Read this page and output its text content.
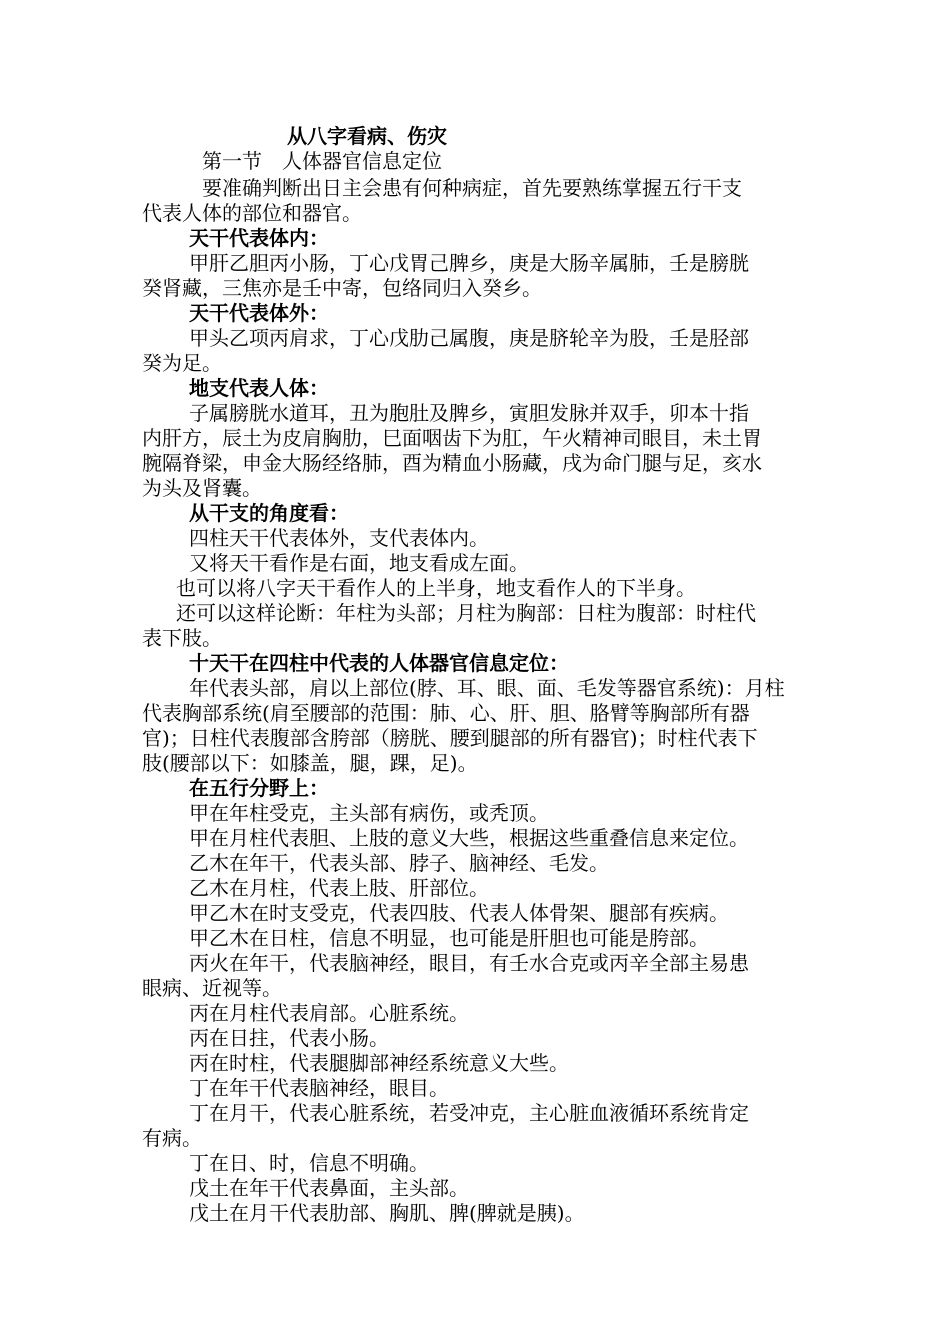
从八字看病、伤灾
第一节　人体器官信息定位
要准确判断出日主会患有何种病症，首先要熟练掌握五行干支
代表人体的部位和器官。
天干代表体内：
甲肝乙胆丙小肠，丁心戊胃己脾乡，庚是大肠辛属肺，壬是膀胱
癸肾藏，三焦亦是壬中寄，包络同归入癸乡。
天干代表体外：
甲头乙项丙肩求，丁心戊肋己属腹，庚是脐轮辛为股，壬是胫部
癸为足。
地支代表人体：
子属膀胱水道耳，丑为胞肚及脾乡，寅胆发脉并双手，卯本十指
内肝方，辰土为皮肩胸肋，巳面咽齿下为肛，午火精神司眼目，未土胃
腕隔脊梁，申金大肠经络肺，酉为精血小肠藏，戌为命门腿与足，亥水
为头及肾囊。
从干支的角度看：
四柱天干代表体外，支代表体内。
又将天干看作是右面，地支看成左面。
也可以将八字天干看作人的上半身，地支看作人的下半身。
还可以这样论断：年柱为头部；月柱为胸部：日柱为腹部：时柱代
表下肢。
十天干在四柱中代表的人体器官信息定位：
年代表头部，肩以上部位(脖、耳、眼、面、毛发等器官系统)：月柱
代表胸部系统(肩至腰部的范围：肺、心、肝、胆、胳臂等胸部所有器
官)；日柱代表腹部含胯部（膀胱、腰到腿部的所有器官)；时柱代表下
肢(腰部以下：如膝盖，腿，踝，足)。
在五行分野上：
甲在年柱受克，主头部有病伤，或秃顶。
甲在月柱代表胆、上肢的意义大些，根据这些重叠信息来定位。
乙木在年干，代表头部、脖子、脑神经、毛发。
乙木在月柱，代表上肢、肝部位。
甲乙木在时支受克，代表四肢、代表人体骨架、腿部有疾病。
甲乙木在日柱，信息不明显，也可能是肝胆也可能是胯部。
丙火在年干，代表脑神经，眼目，有壬水合克或丙辛全部主易患
眼病、近视等。
丙在月柱代表肩部。心脏系统。
丙在日拄，代表小肠。
丙在时柱，代表腿脚部神经系统意义大些。
丁在年干代表脑神经，眼目。
丁在月干，代表心脏系统，若受冲克，主心脏血液循环系统肯定
有病。
丁在日、时，信息不明确。
戊土在年干代表鼻面，主头部。
戊土在月干代表肋部、胸肌、脾(脾就是胰)。
